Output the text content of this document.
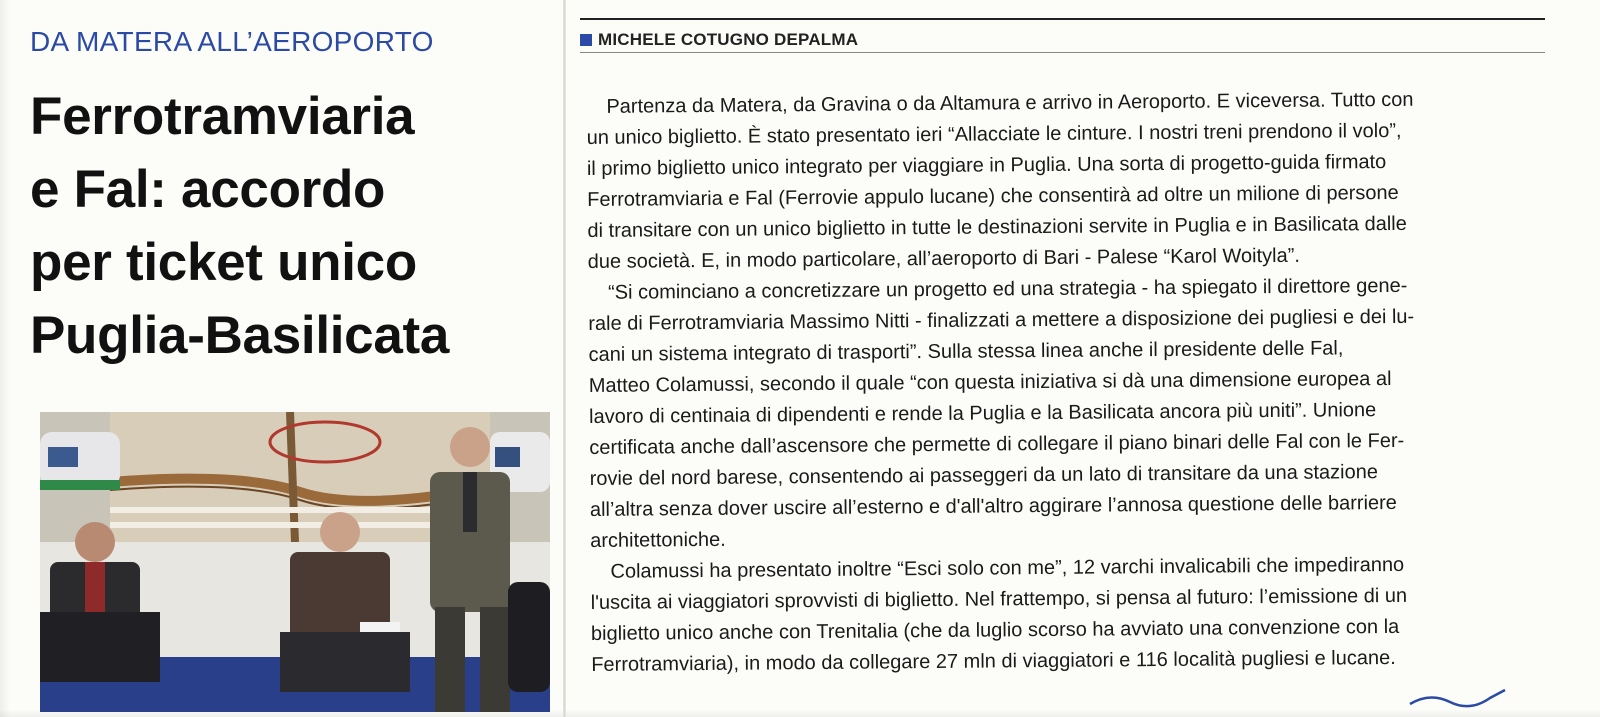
DA MATERA ALL’AEROPORTO
Ferrotramviaria
e Fal: accordo
per ticket unico
Puglia-Basilicata
MICHELE COTUGNO DEPALMA
Partenza da Matera, da Gravina o da Altamura e arrivo in Aeroporto. E viceversa. Tutto con
un unico biglietto. È stato presentato ieri “Allacciate le cinture. I nostri treni prendono il volo”,
il primo biglietto unico integrato per viaggiare in Puglia. Una sorta di progetto-guida firmato
Ferrotramviaria e Fal (Ferrovie appulo lucane) che consentirà ad oltre un milione di persone
di transitare con un unico biglietto in tutte le destinazioni servite in Puglia e in Basilicata dalle
due società. E, in modo particolare, all’aeroporto di Bari - Palese “Karol Woityla”.
“Si cominciano a concretizzare un progetto ed una strategia - ha spiegato il direttore gene-
rale di Ferrotramviaria Massimo Nitti - finalizzati a mettere a disposizione dei pugliesi e dei lu-
cani un sistema integrato di trasporti”. Sulla stessa linea anche il presidente delle Fal,
Matteo Colamussi, secondo il quale “con questa iniziativa si dà una dimensione europea al
lavoro di centinaia di dipendenti e rende la Puglia e la Basilicata ancora più uniti”. Unione
certificata anche dall’ascensore che permette di collegare il piano binari delle Fal con le Fer-
rovie del nord barese, consentendo ai passeggeri da un lato di transitare da una stazione
all’altra senza dover uscire all’esterno e d'all'altro aggirare l’annosa questione delle barriere
architettoniche.
Colamussi ha presentato inoltre “Esci solo con me”, 12 varchi invalicabili che impediranno
l'uscita ai viaggiatori sprovvisti di biglietto. Nel frattempo, si pensa al futuro: l’emissione di un
biglietto unico anche con Trenitalia (che da luglio scorso ha avviato una convenzione con la
Ferrotramviaria), in modo da collegare 27 mln di viaggiatori e 116 località pugliesi e lucane.
